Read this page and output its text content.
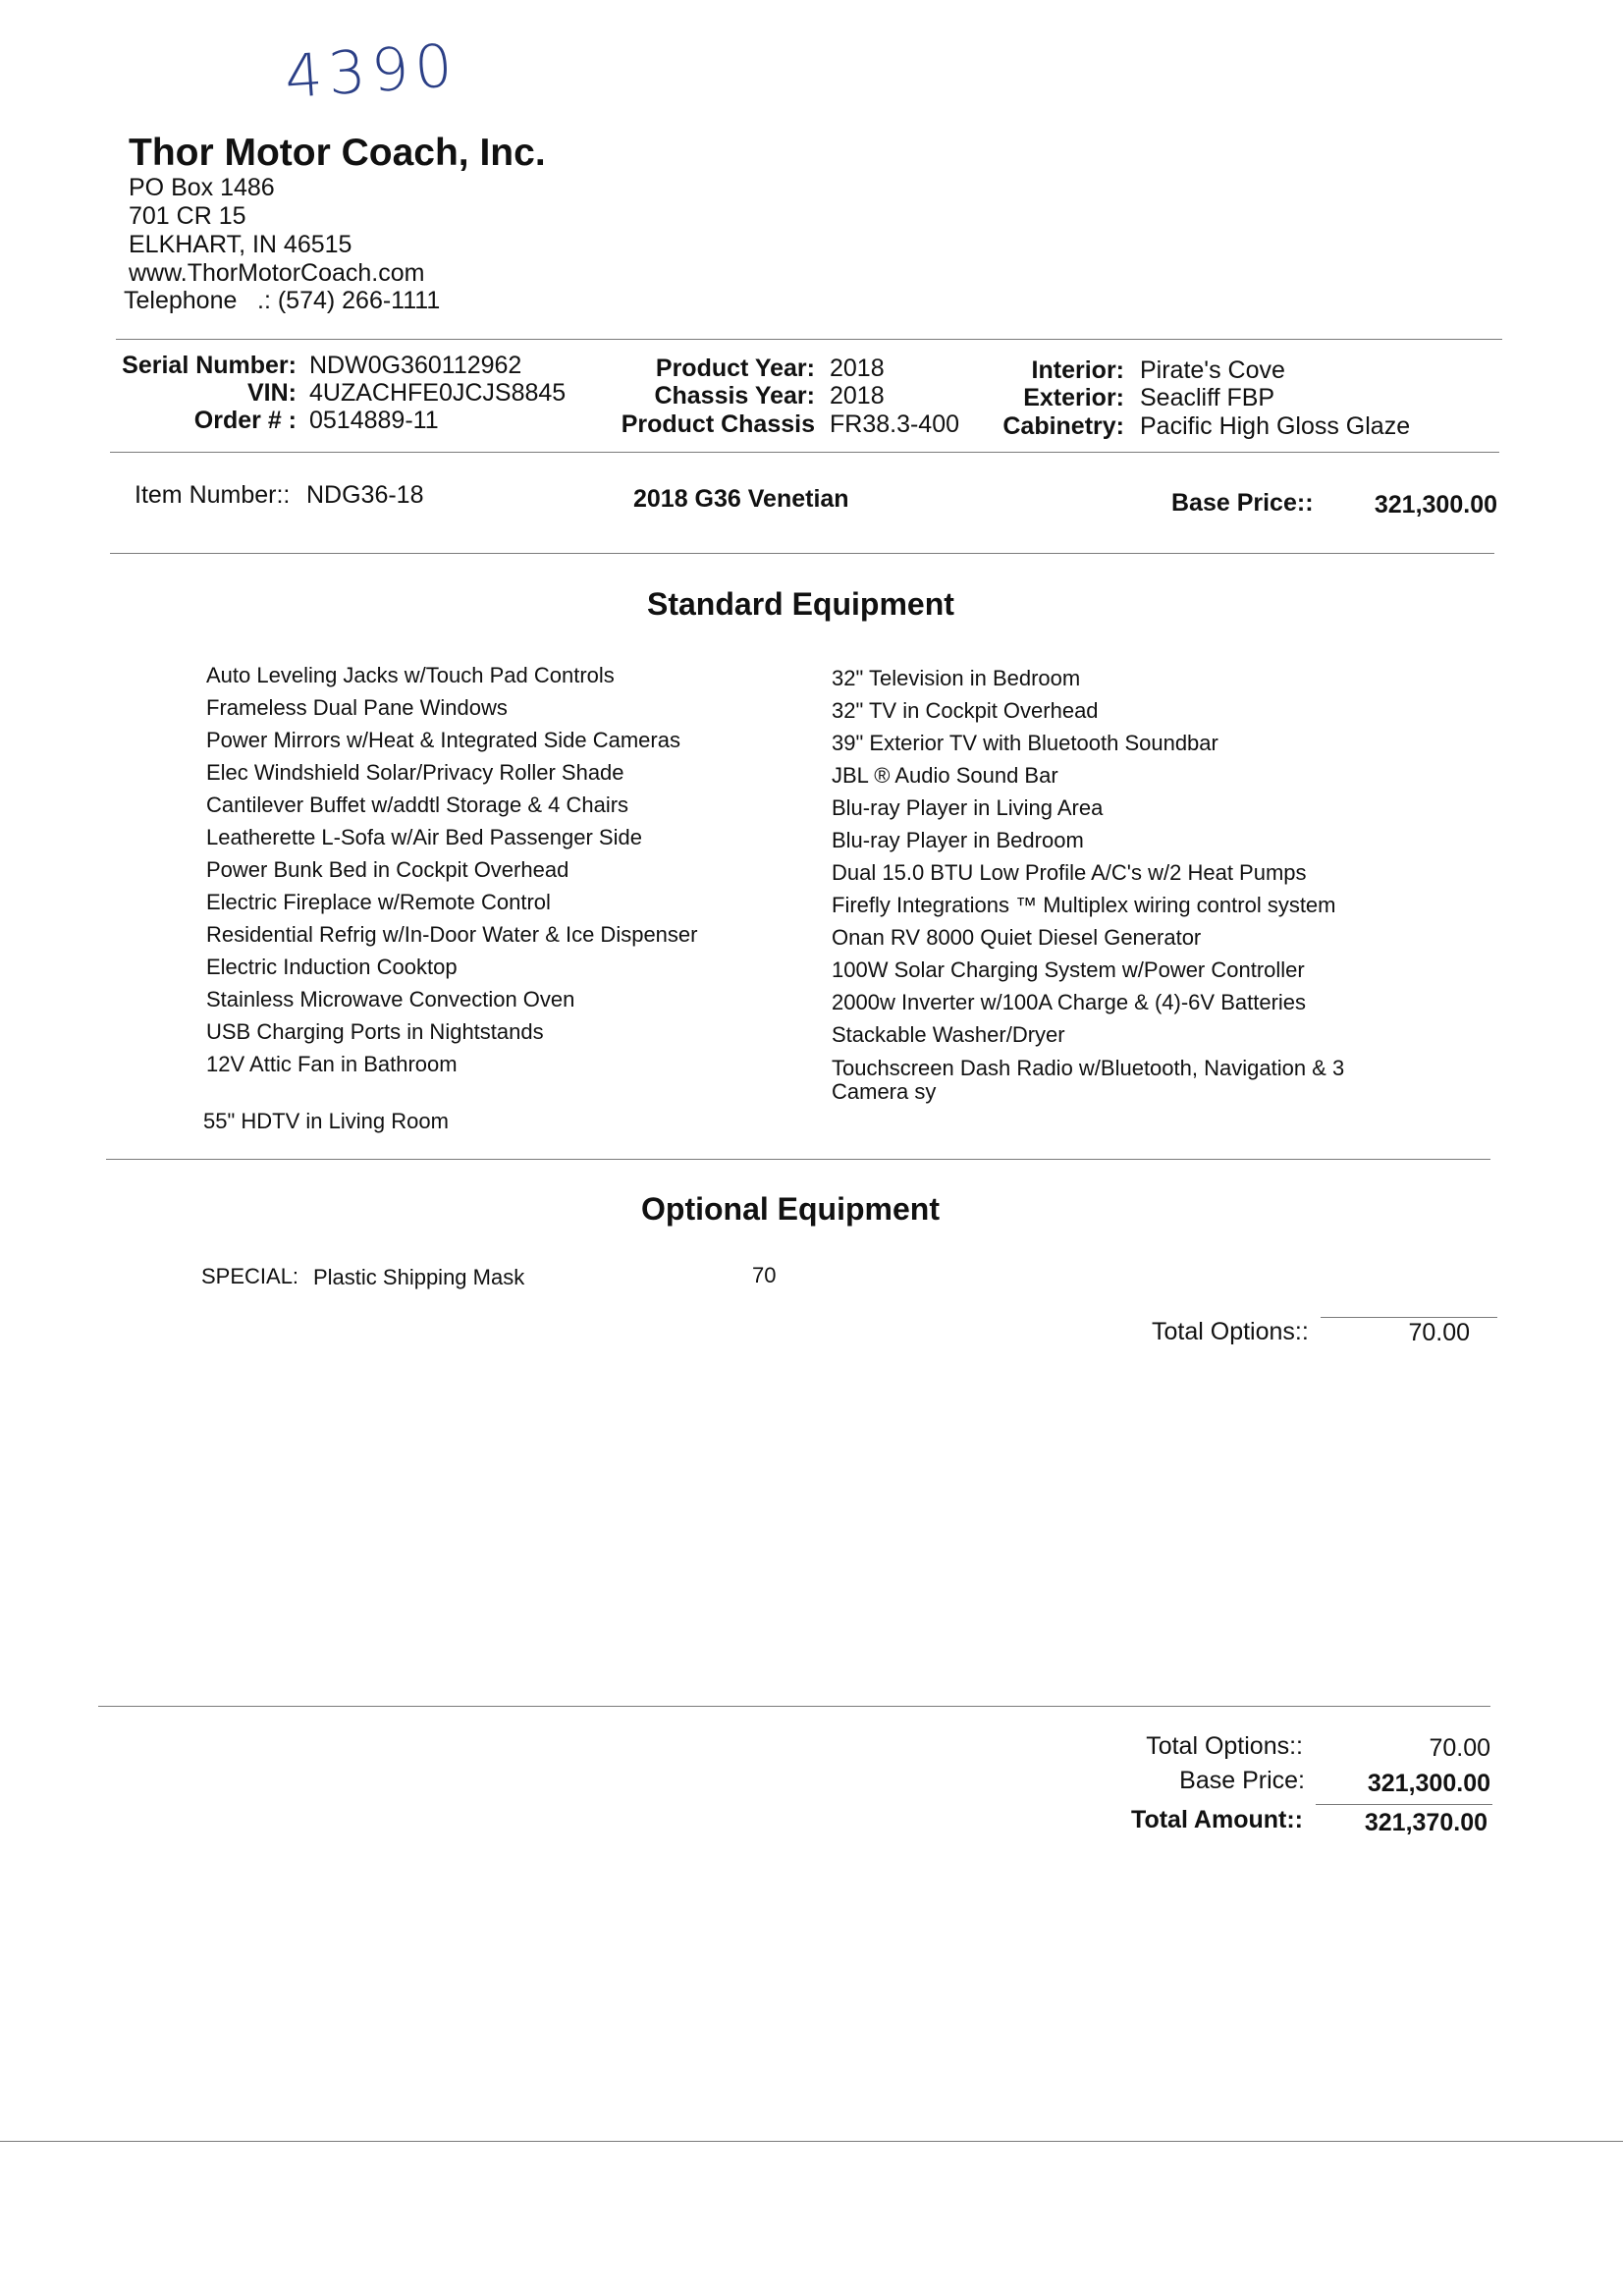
4390
Thor Motor Coach, Inc.
PO Box 1486
701 CR 15
ELKHART, IN 46515
www.ThorMotorCoach.com
Telephone .: (574) 266-1111
Serial Number: NDW0G360112962
VIN: 4UZACHFE0JCJS8845
Order # : 0514889-11
Product Year: 2018
Chassis Year: 2018
Product Chassis FR38.3-400
Interior: Pirate's Cove
Exterior: Seacliff FBP
Cabinetry: Pacific High Gloss Glaze
Item Number:: NDG36-18	2018 G36 Venetian	Base Price::	321,300.00
Standard Equipment
Auto Leveling Jacks w/Touch Pad Controls
Frameless Dual Pane Windows
Power Mirrors w/Heat & Integrated Side Cameras
Elec Windshield Solar/Privacy Roller Shade
Cantilever Buffet w/addtl Storage & 4 Chairs
Leatherette L-Sofa w/Air Bed Passenger Side
Power Bunk Bed in Cockpit Overhead
Electric Fireplace w/Remote Control
Residential Refrig w/In-Door Water & Ice Dispenser
Electric Induction Cooktop
Stainless Microwave Convection Oven
USB Charging Ports in Nightstands
12V Attic Fan in Bathroom
55" HDTV in Living Room
32" Television in Bedroom
32" TV in Cockpit Overhead
39" Exterior TV with Bluetooth Soundbar
JBL ® Audio Sound Bar
Blu-ray Player in Living Area
Blu-ray Player in Bedroom
Dual 15.0 BTU Low Profile A/C's w/2 Heat Pumps
Firefly Integrations ™ Multiplex wiring control system
Onan RV 8000 Quiet Diesel Generator
100W Solar Charging System w/Power Controller
2000w Inverter w/100A Charge & (4)-6V Batteries
Stackable Washer/Dryer
Touchscreen Dash Radio w/Bluetooth, Navigation & 3 Camera sy
Optional Equipment
SPECIAL: Plastic Shipping Mask	70
Total Options::	70.00
Total Options::	70.00
Base Price:	321,300.00
Total Amount::	321,370.00
